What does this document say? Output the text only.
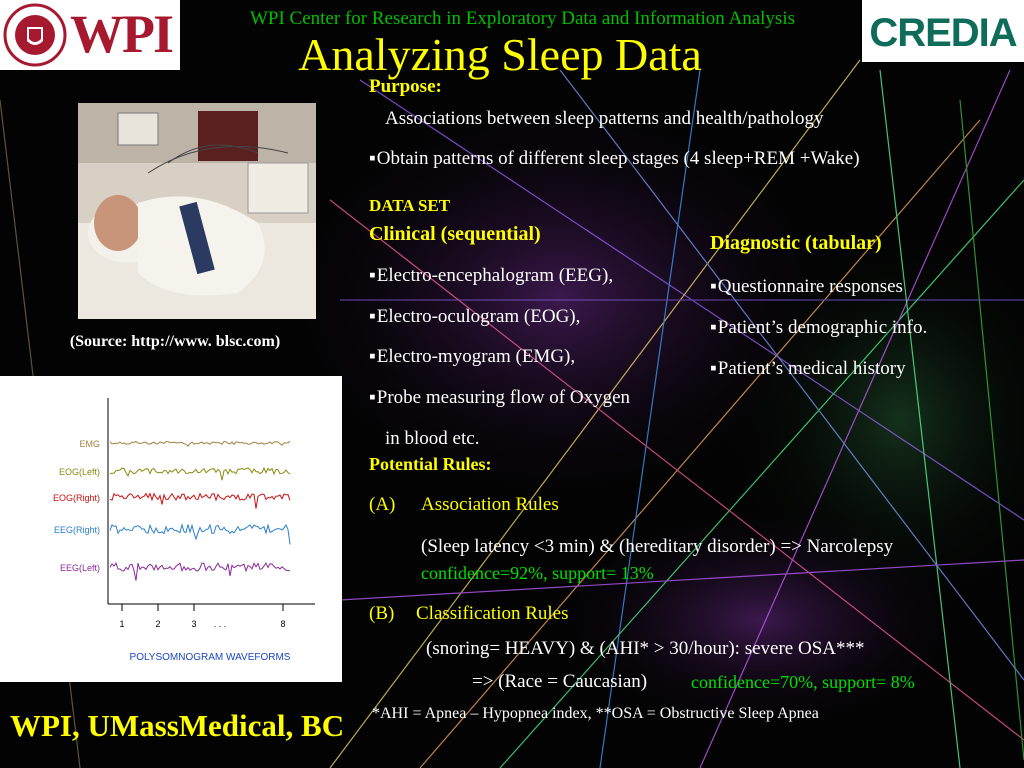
WPI	CREDIA
WPI Center for Research in Exploratory Data and Information Analysis
Analyzing Sleep Data
(Source: http://www. blsc.com)
EMG
EOG(Left)
EOG(Right)
EEG(Right)
EEG(Left)
1	2	3 . . .	8
POLYSOMNOGRAM WAVEFORMS
Purpose:
Associations between sleep patterns and health/pathology
▪ Obtain patterns of different sleep stages (4 sleep+REM +Wake)
DATA SET
Clinical (sequential)
▪ Electro-encephalogram (EEG),
▪ Electro-oculogram (EOG),
▪ Electro-myogram (EMG),
▪ Probe measuring flow of Oxygen
in blood etc.
Diagnostic (tabular)
▪ Questionnaire responses
▪ Patient’s demographic info.
▪ Patient’s medical history
Potential Rules:
(A) Association Rules
(Sleep latency <3 min) & (hereditary disorder) => Narcolepsy
confidence=92%, support= 13%
(B) Classification Rules
(snoring= HEAVY) & (AHI* > 30/hour): severe OSA***
=> (Race = Caucasian) confidence=70%, support= 8%
WPI, UMassMedical, BC *AHI = Apnea – Hypopnea index, **OSA = Obstructive Sleep Apnea
